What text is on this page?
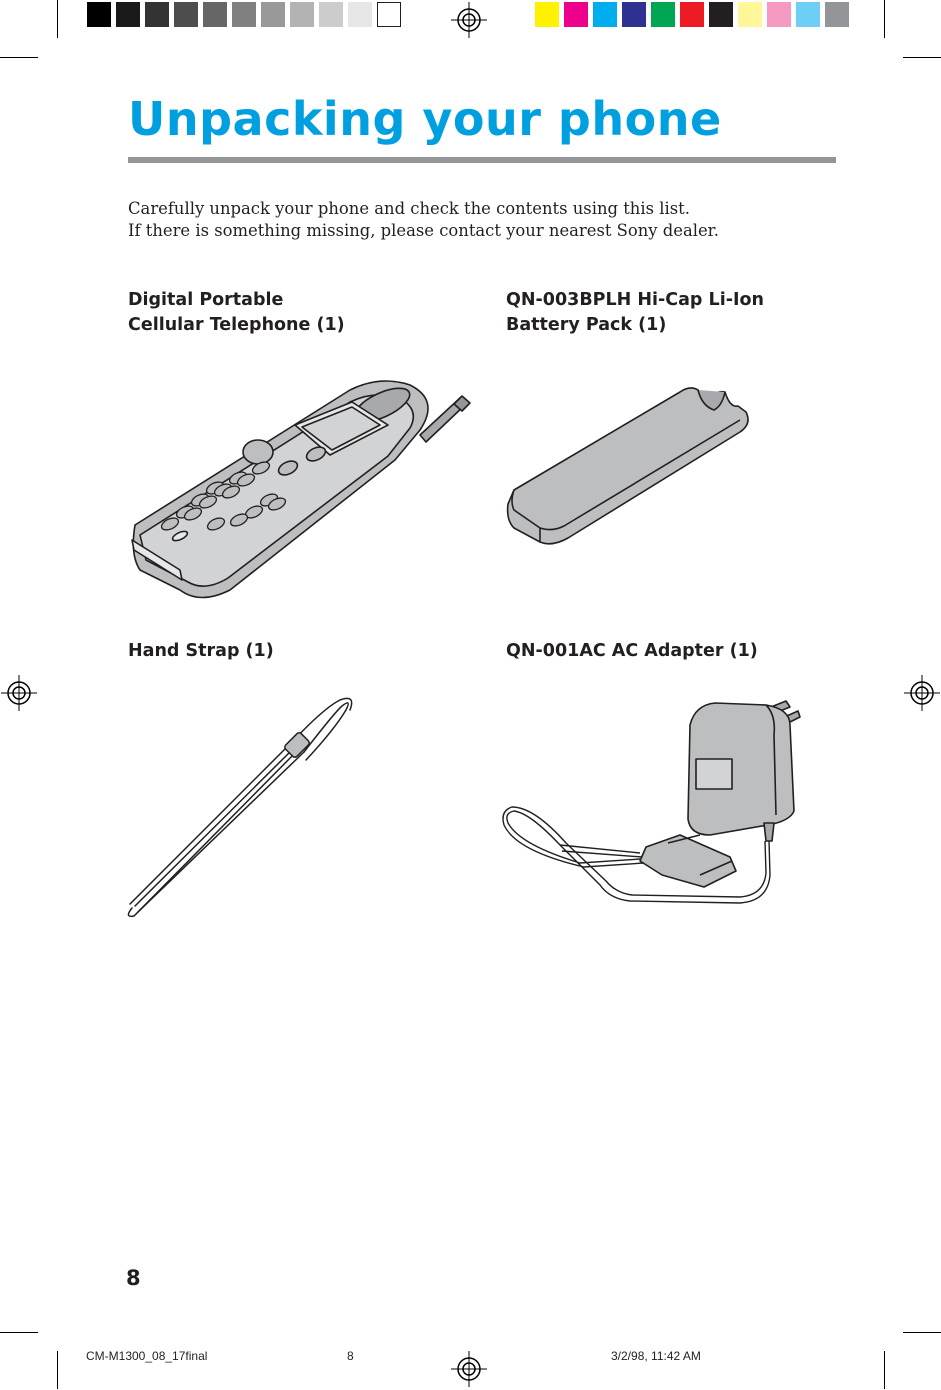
Unpacking your phone
Carefully unpack your phone and check the contents using this list.
If there is something missing, please contact your nearest Sony dealer.
Digital Portable
Cellular Telephone (1)
QN-003BPLH Hi-Cap Li-Ion
Battery Pack (1)
Hand Strap (1)	QN-001AC AC Adapter (1)
8
CM-M1300_08_17final	8	3/2/98, 11:42 AM
